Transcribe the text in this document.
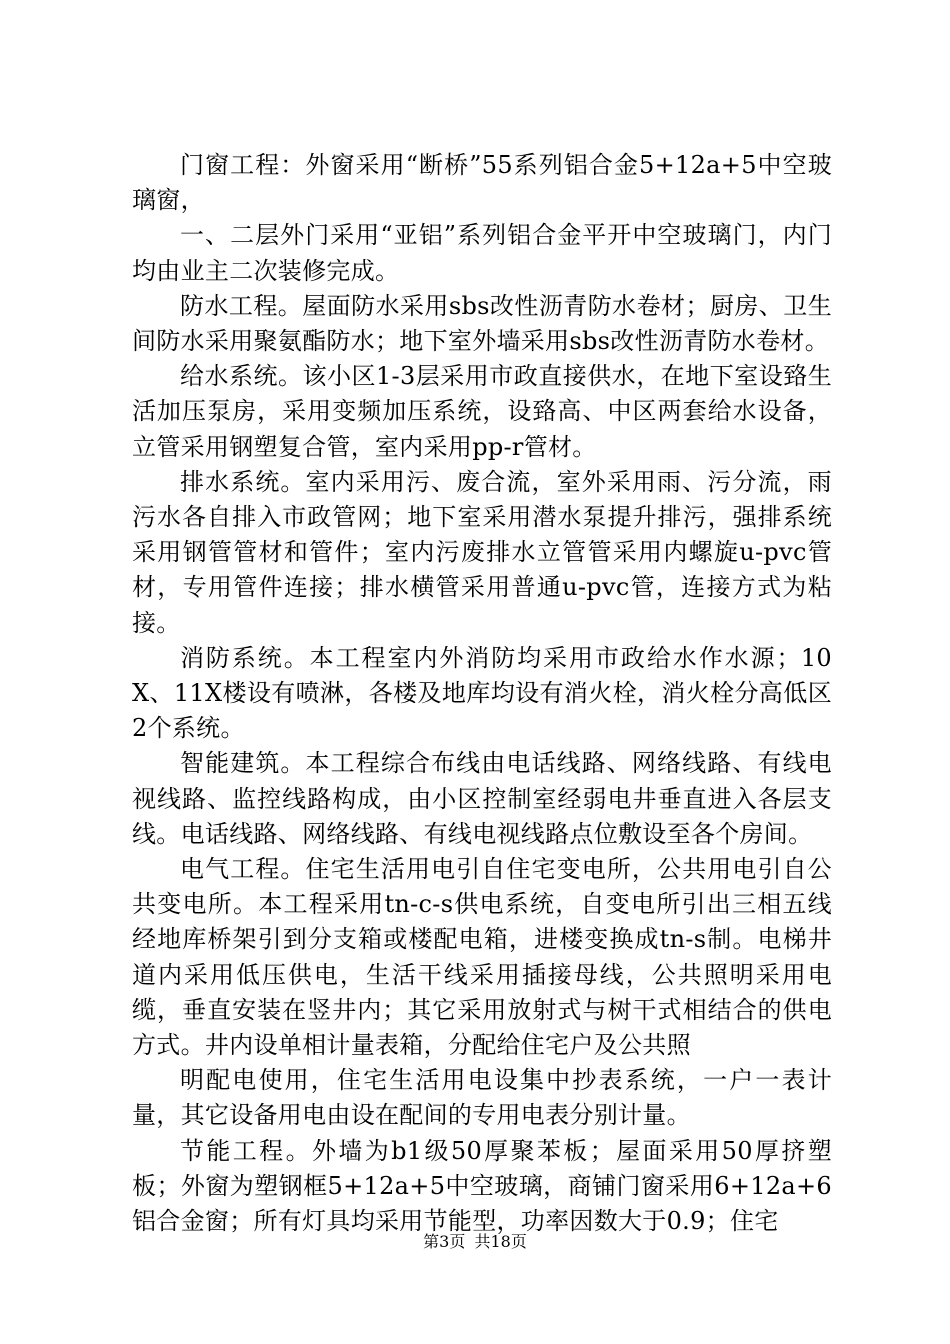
门窗工程：外窗采用“断桥”55系列铝合金5+12a+5中空玻璃窗，

一、二层外门采用“亚铝”系列铝合金平开中空玻璃门，内门均由业主二次装修完成。

防水工程。屋面防水采用sbs改性沥青防水卷材；厨房、卫生间防水采用聚氨酯防水；地下室外墙采用sbs改性沥青防水卷材。

给水系统。该小区1-3层采用市政直接供水，在地下室设臵生活加压泵房，采用变频加压系统，设臵高、中区两套给水设备，立管采用钢塑复合管，室内采用pp-r管材。

排水系统。室内采用污、废合流，室外采用雨、污分流，雨污水各自排入市政管网；地下室采用潜水泵提升排污，强排系统采用钢管管材和管件；室内污废排水立管管采用内螺旋u-pvc管材，专用管件连接；排水横管采用普通u-pvc管，连接方式为粘接。

消防系统。本工程室内外消防均采用市政给水作水源；10X、11X楼设有喷淋，各楼及地库均设有消火栓，消火栓分高低区2个系统。

智能建筑。本工程综合布线由电话线路、网络线路、有线电视线路、监控线路构成，由小区控制室经弱电井垂直进入各层支线。电话线路、网络线路、有线电视线路点位敷设至各个房间。

电气工程。住宅生活用电引自住宅变电所，公共用电引自公共变电所。本工程采用tn-c-s供电系统，自变电所引出三相五线经地库桥架引到分支箱或楼配电箱，进楼变换成tn-s制。电梯井道内采用低压供电，生活干线采用插接母线，公共照明采用电缆，垂直安装在竖井内；其它采用放射式与树干式相结合的供电方式。井内设单相计量表箱，分配给住宅户及公共照

明配电使用，住宅生活用电设集中抄表系统，一户一表计量，其它设备用电由设在配间的专用电表分别计量。

节能工程。外墙为b1级50厚聚苯板；屋面采用50厚挤塑板；外窗为塑钢框5+12a+5中空玻璃，商铺门窗采用6+12a+6铝合金窗；所有灯具均采用节能型，功率因数大于0.9；住宅

第3页 共18页
